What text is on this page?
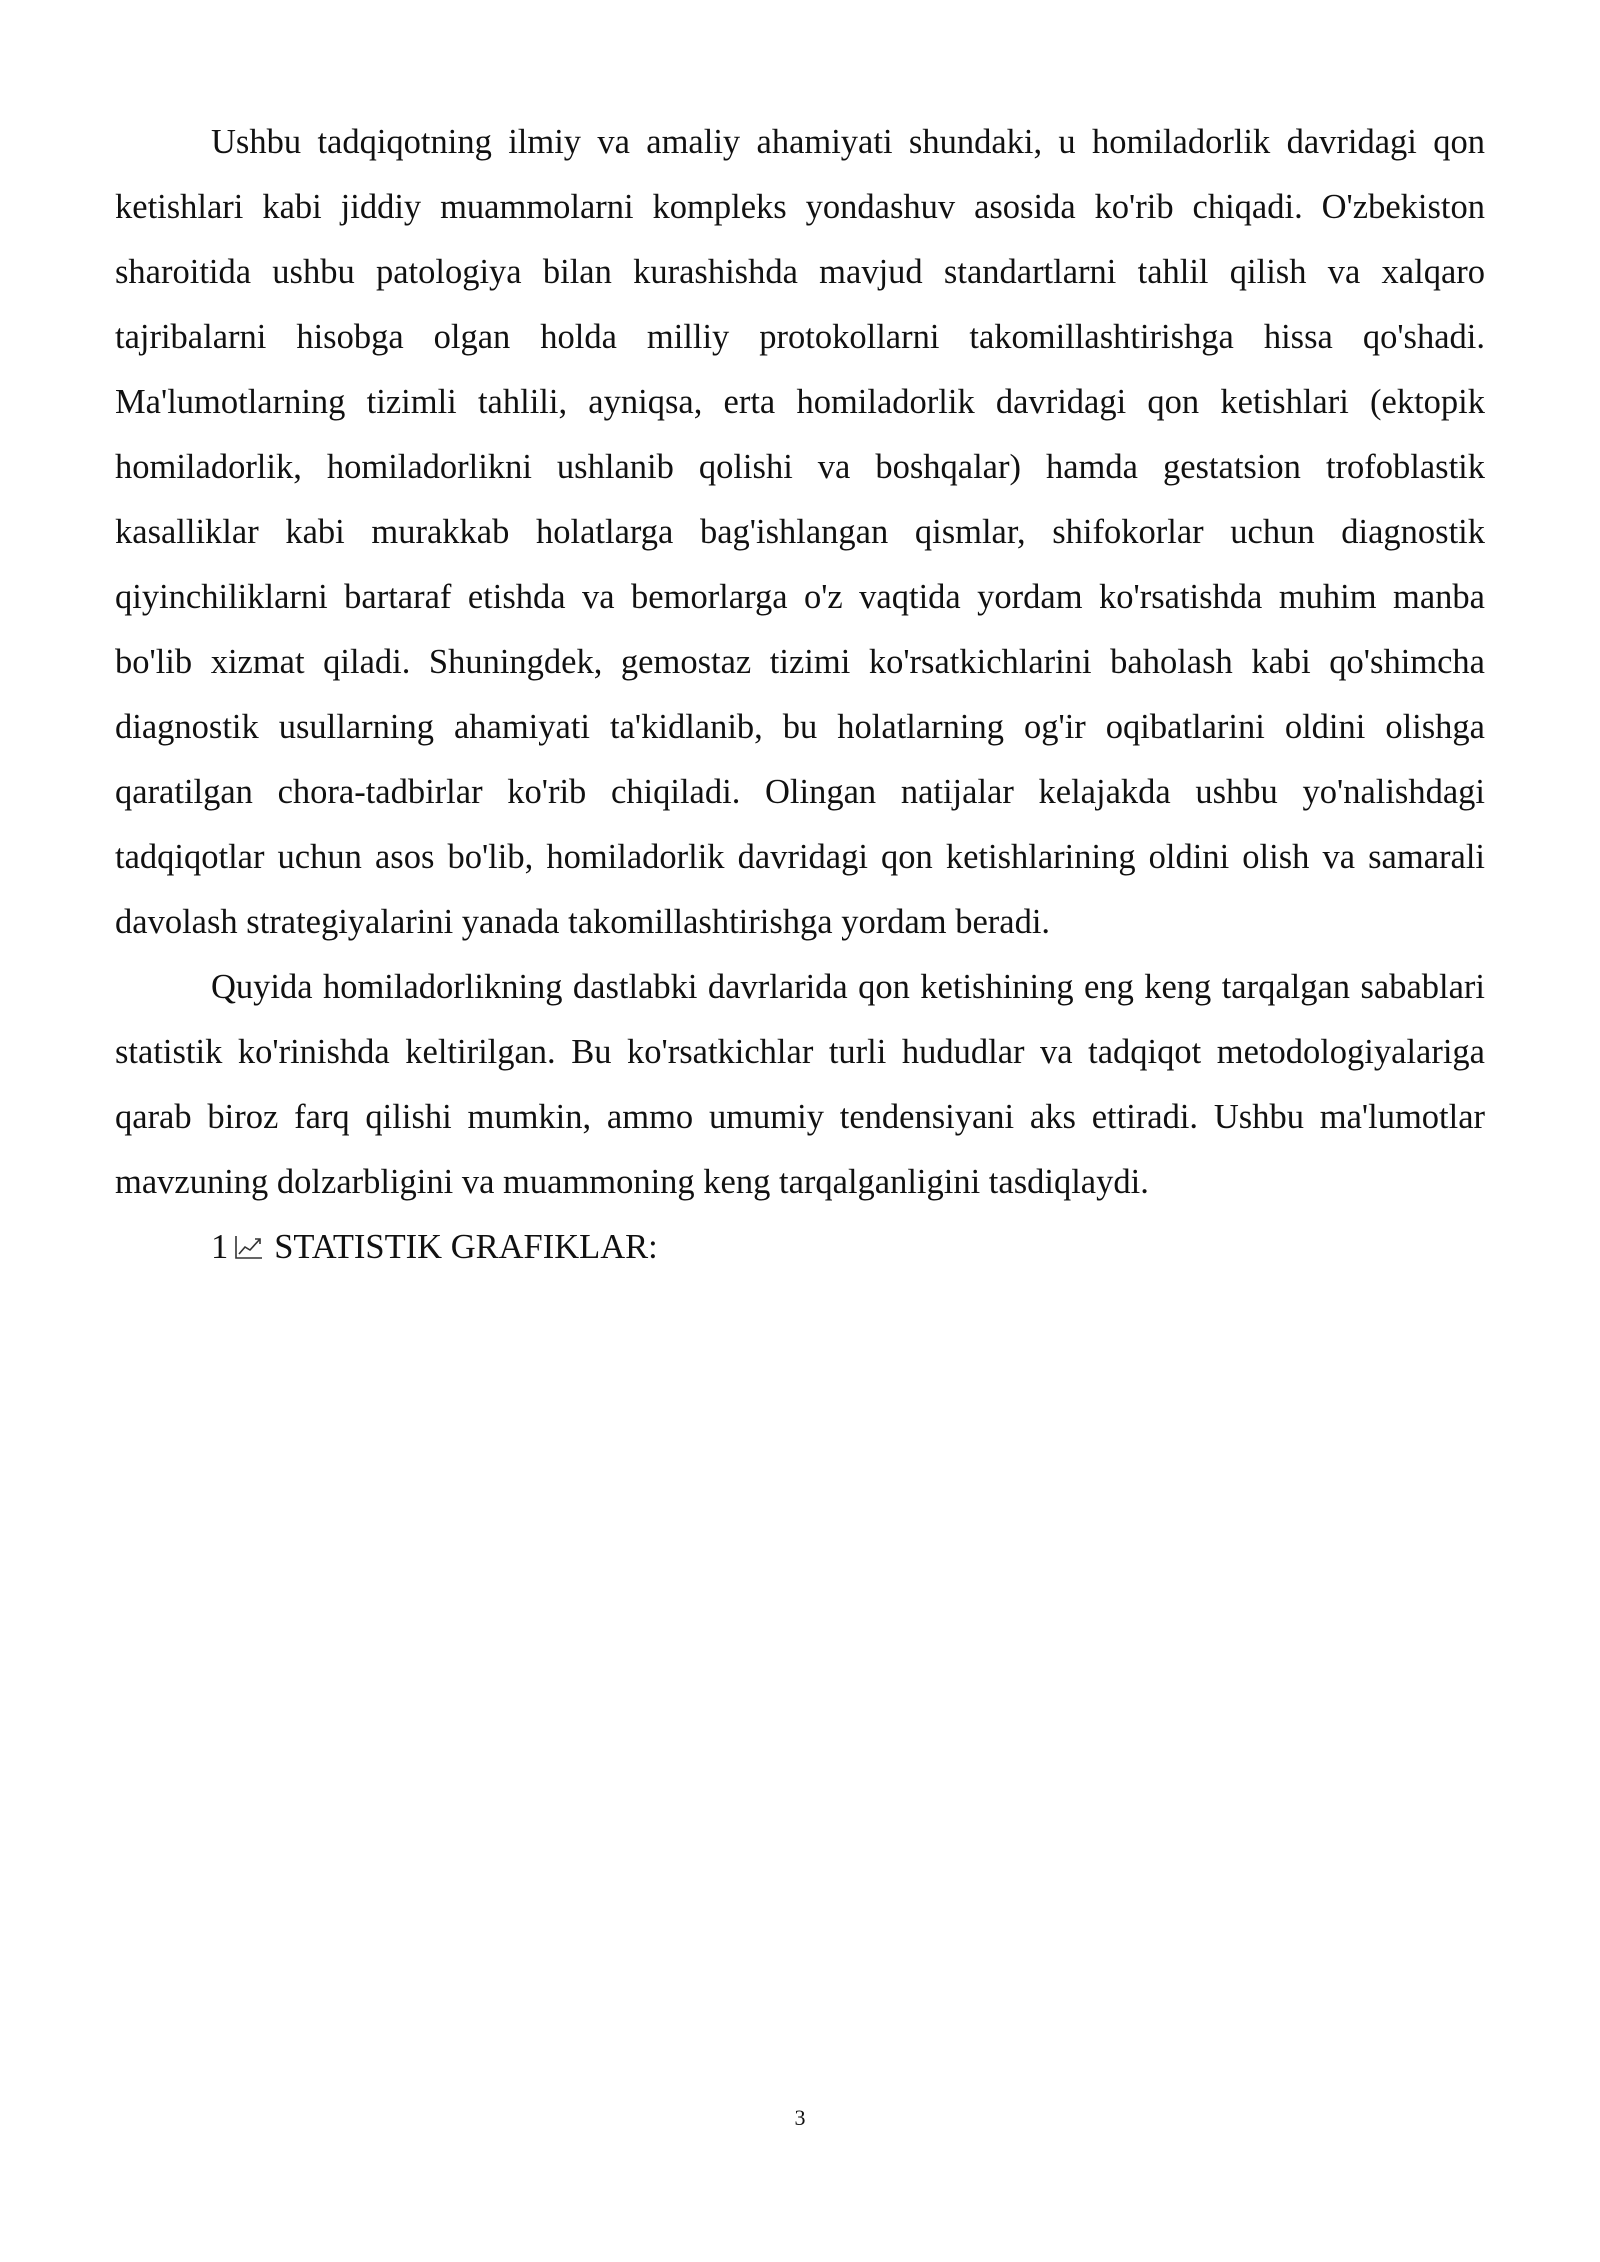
Ushbu tadqiqotning ilmiy va amaliy ahamiyati shundaki, u homiladorlik davridagi qon ketishlari kabi jiddiy muammolarni kompleks yondashuv asosida ko'rib chiqadi. O'zbekiston sharoitida ushbu patologiya bilan kurashishda mavjud standartlarni tahlil qilish va xalqaro tajribalarni hisobga olgan holda milliy protokollarni takomillashtirishga hissa qo'shadi. Ma'lumotlarning tizimli tahlili, ayniqsa, erta homiladorlik davridagi qon ketishlari (ektopik homiladorlik, homiladorlikni ushlanib qolishi va boshqalar) hamda gestatsion trofoblastik kasalliklar kabi murakkab holatlarga bag'ishlangan qismlar, shifokorlar uchun diagnostik qiyinchiliklarni bartaraf etishda va bemorlarga o'z vaqtida yordam ko'rsatishda muhim manba bo'lib xizmat qiladi. Shuningdek, gemostaz tizimi ko'rsatkichlarini baholash kabi qo'shimcha diagnostik usullarning ahamiyati ta'kidlanib, bu holatlarning og'ir oqibatlarini oldini olishga qaratilgan chora-tadbirlar ko'rib chiqiladi. Olingan natijalar kelajakda ushbu yo'nalishdagi tadqiqotlar uchun asos bo'lib, homiladorlik davridagi qon ketishlarining oldini olish va samarali davolash strategiyalarini yanada takomillashtirishga yordam beradi.

Quyida homiladorlikning dastlabki davrlarida qon ketishining eng keng tarqalgan sabablari statistik ko'rinishda keltirilgan. Bu ko'rsatkichlar turli hududlar va tadqiqot metodologiyalariga qarab biroz farq qilishi mumkin, ammo umumiy tendensiyani aks ettiradi. Ushbu ma'lumotlar mavzuning dolzarbligini va muammoning keng tarqalganligini tasdiqlaydi.

1 STATISTIK GRAFIKLAR:

3
